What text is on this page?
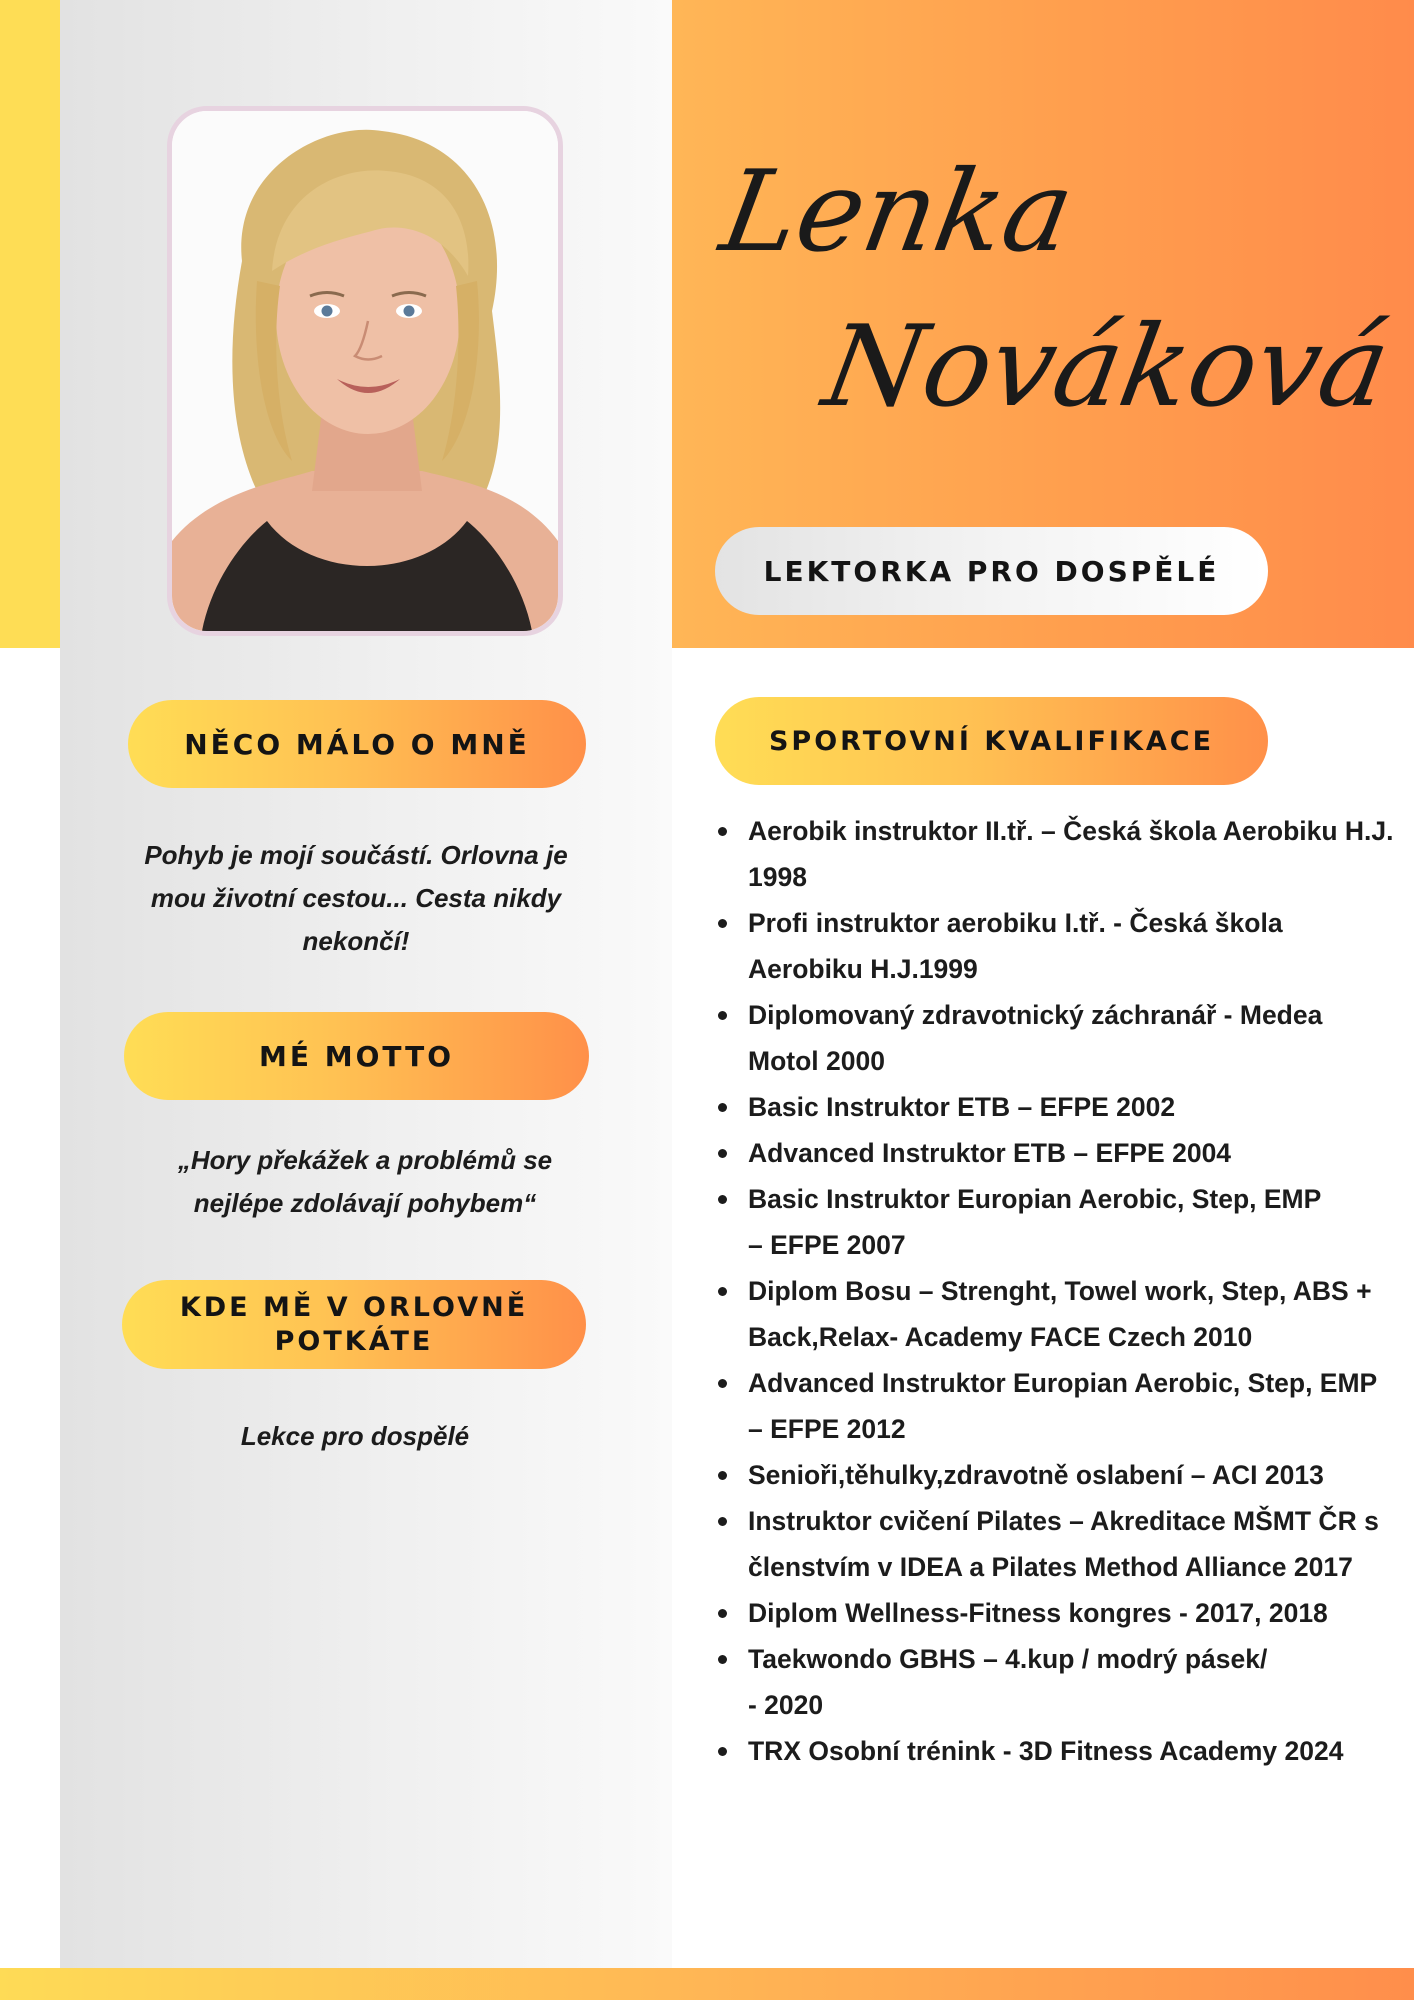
Lenka
Nováková
LEKTORKA PRO DOSPĚLÉ
NĚCO MÁLO O MNĚ
Pohyb je mojí součástí. Orlovna je mou životní cestou... Cesta nikdy nekončí!
MÉ MOTTO
„Hory překážek a problémů se nejlépe zdolávají pohybem“
KDE MĚ V ORLOVNĚ POTKÁTE
Lekce pro dospělé
SPORTOVNÍ KVALIFIKACE
Aerobik instruktor II.tř. – Česká škola Aerobiku H.J. 1998
Profi instruktor aerobiku I.tř. - Česká škola Aerobiku H.J.1999
Diplomovaný zdravotnický záchranář - Medea Motol 2000
Basic Instruktor ETB – EFPE 2002
Advanced Instruktor ETB – EFPE 2004
Basic Instruktor Europian Aerobic, Step, EMP
– EFPE 2007
Diplom Bosu – Strenght, Towel work, Step, ABS + Back,Relax- Academy FACE Czech 2010
Advanced Instruktor Europian Aerobic, Step, EMP – EFPE 2012
Senioři,těhulky,zdravotně oslabení – ACI 2013
Instruktor cvičení Pilates – Akreditace MŠMT ČR s členstvím v IDEA a Pilates Method Alliance 2017
Diplom Wellness-Fitness kongres - 2017, 2018
Taekwondo GBHS – 4.kup / modrý pásek/
- 2020
TRX Osobní trénink - 3D Fitness Academy 2024
